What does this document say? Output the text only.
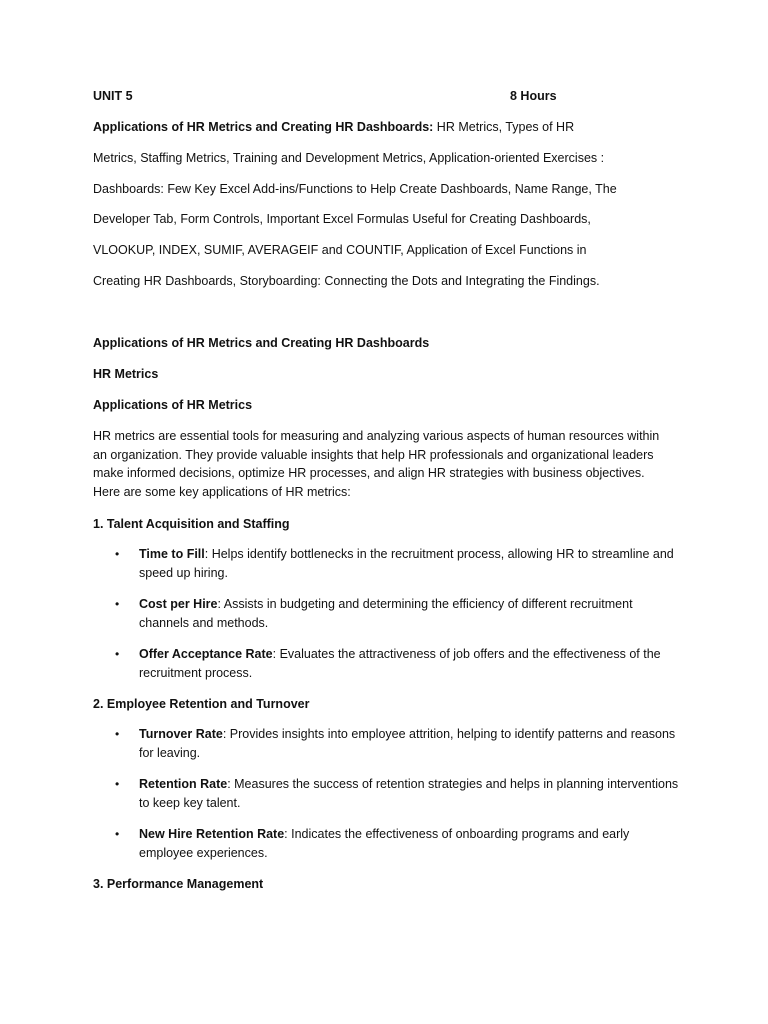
UNIT 5	8 Hours
Applications of HR Metrics and Creating HR Dashboards: HR Metrics, Types of HR
Metrics, Staffing Metrics, Training and Development Metrics, Application-oriented Exercises :
Dashboards: Few Key Excel Add-ins/Functions to Help Create Dashboards, Name Range, The
Developer Tab, Form Controls, Important Excel Formulas Useful for Creating Dashboards,
VLOOKUP, INDEX, SUMIF, AVERAGEIF and COUNTIF, Application of Excel Functions in
Creating HR Dashboards, Storyboarding: Connecting the Dots and Integrating the Findings.
Applications of HR Metrics and Creating HR Dashboards
HR Metrics
Applications of HR Metrics
HR metrics are essential tools for measuring and analyzing various aspects of human resources within an organization. They provide valuable insights that help HR professionals and organizational leaders make informed decisions, optimize HR processes, and align HR strategies with business objectives. Here are some key applications of HR metrics:
1. Talent Acquisition and Staffing
• Time to Fill: Helps identify bottlenecks in the recruitment process, allowing HR to streamline and speed up hiring.
• Cost per Hire: Assists in budgeting and determining the efficiency of different recruitment channels and methods.
• Offer Acceptance Rate: Evaluates the attractiveness of job offers and the effectiveness of the recruitment process.
2. Employee Retention and Turnover
• Turnover Rate: Provides insights into employee attrition, helping to identify patterns and reasons for leaving.
• Retention Rate: Measures the success of retention strategies and helps in planning interventions to keep key talent.
• New Hire Retention Rate: Indicates the effectiveness of onboarding programs and early employee experiences.
3. Performance Management
